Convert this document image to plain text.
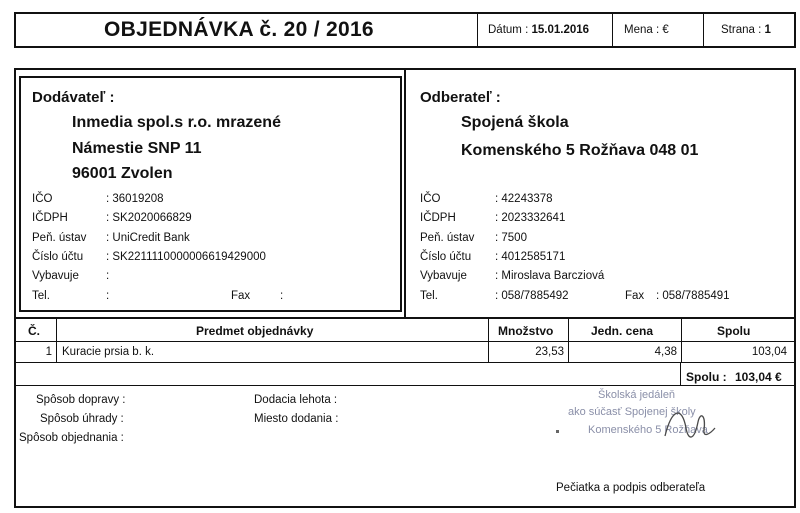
OBJEDNÁVKA č. 20 / 2016	Dátum : 15.01.2016	Mena : €	Strana : 1
Dodávateľ :
Inmedia spol.s r.o. mrazené
Námestie SNP 11
96001 Zvolen
IČO	: 36019208
IČDPH	: SK2020066829
Peň. ústav : UniCredit Bank
Číslo účtu : SK2211110000006619429000
Vybavuje :
Tel.	:	Fax	:
Odberateľ :
Spojená škola
Komenského 5 Rožňava 048 01
IČO	: 42243378
IČDPH	: 2023332641
Peň. ústav : 7500
Číslo účtu : 4012585171
Vybavuje : Miroslava Barcziová
Tel.	: 058/7885492	Fax : 058/7885491
Č.	Predmet objednávky	Množstvo	Jedn. cena	Spolu
1 Kuracie prsia b. k.	23,53	4,38	103,04
Spolu : 103,04 €
Spôsob dopravy :
Spôsob úhrady :
Spôsob objednania :
Dodacia lehota :
Miesto dodania :
Školská jedáleň
ako súčasť Spojenej školy
Komenského 5 Rožňava
Pečiatka a podpis odberateľa
